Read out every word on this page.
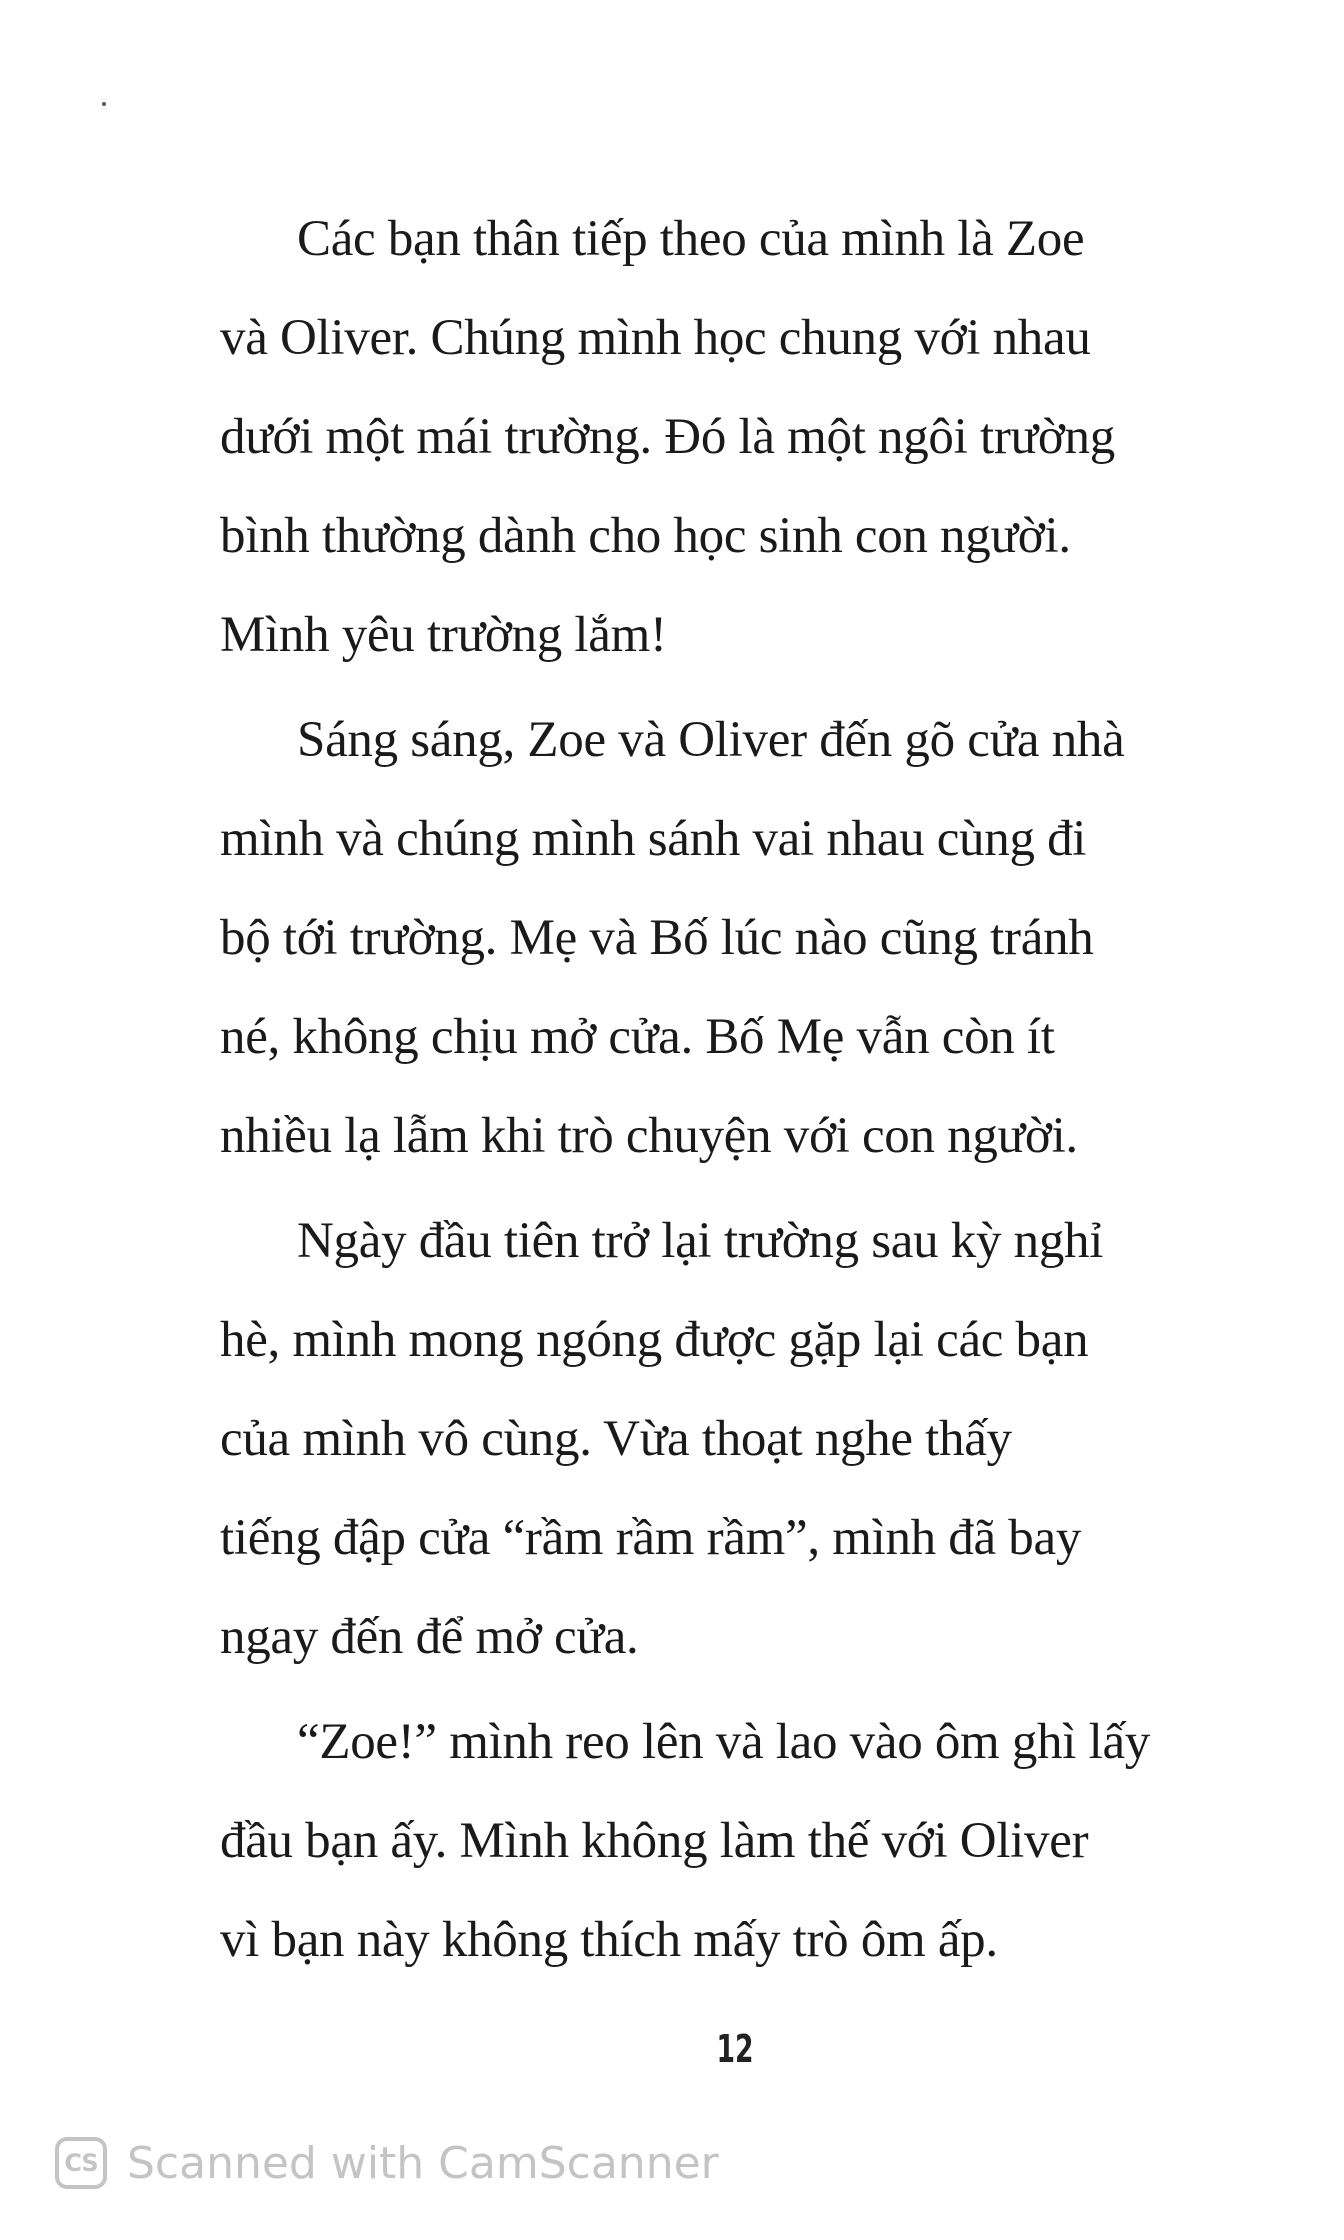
Các bạn thân tiếp theo của mình là Zoe
và Oliver. Chúng mình học chung với nhau
dưới một mái trường. Đó là một ngôi trường
bình thường dành cho học sinh con người.
Mình yêu trường lắm!

Sáng sáng, Zoe và Oliver đến gõ cửa nhà
mình và chúng mình sánh vai nhau cùng đi
bộ tới trường. Mẹ và Bố lúc nào cũng tránh
né, không chịu mở cửa. Bố Mẹ vẫn còn ít
nhiều lạ lẫm khi trò chuyện với con người.

Ngày đầu tiên trở lại trường sau kỳ nghỉ
hè, mình mong ngóng được gặp lại các bạn
của mình vô cùng. Vừa thoạt nghe thấy
tiếng đập cửa “rầm rầm rầm”, mình đã bay
ngay đến để mở cửa.

“Zoe!” mình reo lên và lao vào ôm ghì lấy
đầu bạn ấy. Mình không làm thế với Oliver
vì bạn này không thích mấy trò ôm ấp.

12
CS Scanned with CamScanner
